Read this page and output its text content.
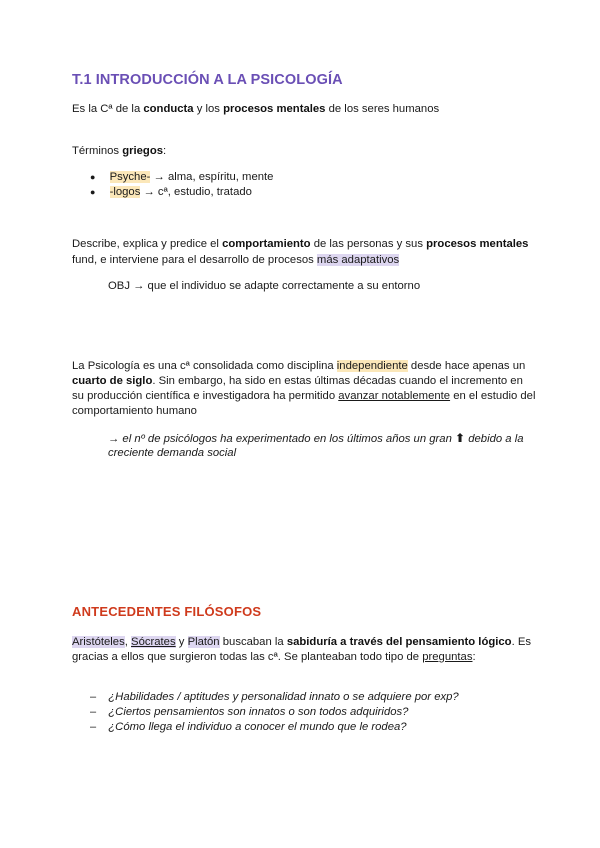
T.1 INTRODUCCIÓN A LA PSICOLOGÍA
Es la Cª de la conducta y los procesos mentales de los seres humanos
Términos griegos:
● Psyche- → alma, espíritu, mente
● -logos → cª, estudio, tratado
Describe, explica y predice el comportamiento de las personas y sus procesos mentales
fund, e interviene para el desarrollo de procesos más adaptativos
OBJ → que el individuo se adapte correctamente a su entorno
La Psicología es una cª consolidada como disciplina independiente desde hace apenas un
cuarto de siglo. Sin embargo, ha sido en estas últimas décadas cuando el incremento en
su producción científica e investigadora ha permitido avanzar notablemente en el estudio del
comportamiento humano
→ el nº de psicólogos ha experimentado en los últimos años un gran ⬆ debido a la
creciente demanda social
ANTECEDENTES FILÓSOFOS
Aristóteles, Sócrates y Platón buscaban la sabiduría a través del pensamiento lógico. Es
gracias a ellos que surgieron todas las cª. Se planteaban todo tipo de preguntas:
– ¿Habilidades / aptitudes y personalidad innato o se adquiere por exp?
– ¿Ciertos pensamientos son innatos o son todos adquiridos?
– ¿Cómo llega el individuo a conocer el mundo que le rodea?
